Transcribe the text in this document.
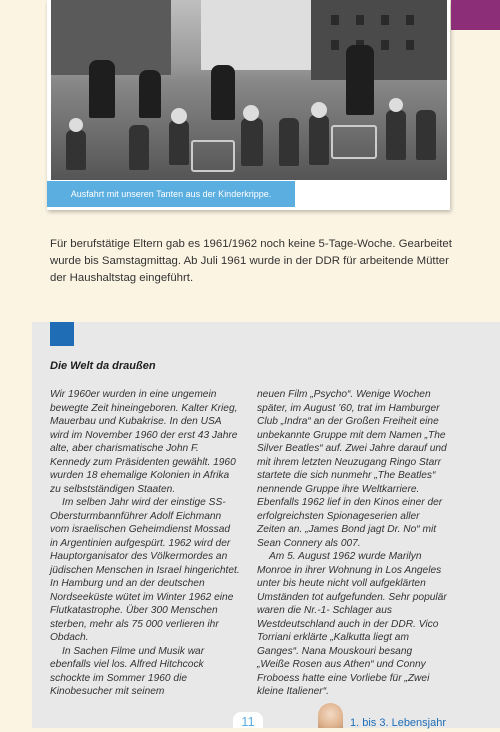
Ausfahrt mit unseren Tanten aus der Kinderkrippe.

Für berufstätige Eltern gab es 1961/1962 noch keine 5-Tage-Woche. Gearbeitet wurde bis Samstagmittag. Ab Juli 1961 wurde in der DDR für arbeitende Mütter der Haushaltstag eingeführt.

Die Welt da draußen

Wir 1960er wurden in eine ungemein bewegte Zeit hineingeboren. Kalter Krieg, Mauerbau und Kubakrise. In den USA wird im November 1960 der erst 43 Jahre alte, aber charismatische John F. Kennedy zum Präsidenten gewählt. 1960 wurden 18 ehemalige Kolonien in Afrika zu selbstständigen Staaten.

Im selben Jahr wird der einstige SS-Obersturmbannführer Adolf Eichmann vom israelischen Geheimdienst Mossad in Argentinien aufgespürt. 1962 wird der Hauptorganisator des Völkermordes an jüdischen Menschen in Israel hingerichtet. In Hamburg und an der deutschen Nordseeküste wütet im Winter 1962 eine Flutkatastrophe. Über 300 Menschen sterben, mehr als 75 000 verlieren ihr Obdach.

In Sachen Filme und Musik war ebenfalls viel los. Alfred Hitchcock schockte im Sommer 1960 die Kinobesucher mit seinem

neuen Film „Psycho“. Wenige Wochen später, im August ’60, trat im Hamburger Club „Indra“ an der Großen Freiheit eine unbekannte Gruppe mit dem Namen „The Silver Beatles“ auf. Zwei Jahre darauf und mit ihrem letzten Neuzugang Ringo Starr startete die sich nunmehr „The Beatles“ nennende Gruppe ihre Weltkarriere. Ebenfalls 1962 lief in den Kinos einer der erfolgreichsten Spionageserien aller Zeiten an. „James Bond jagt Dr. No“ mit Sean Connery als 007.

Am 5. August 1962 wurde Marilyn Monroe in ihrer Wohnung in Los Angeles unter bis heute nicht voll aufgeklärten Umständen tot aufgefunden. Sehr populär waren die Nr.-1- Schlager aus Westdeutschland auch in der DDR. Vico Torriani erklärte „Kalkutta liegt am Ganges“. Nana Mouskouri besang „Weiße Rosen aus Athen“ und Conny Froboess hatte eine Vorliebe für „Zwei kleine Italiener“.

11	1. bis 3. Lebensjahr
